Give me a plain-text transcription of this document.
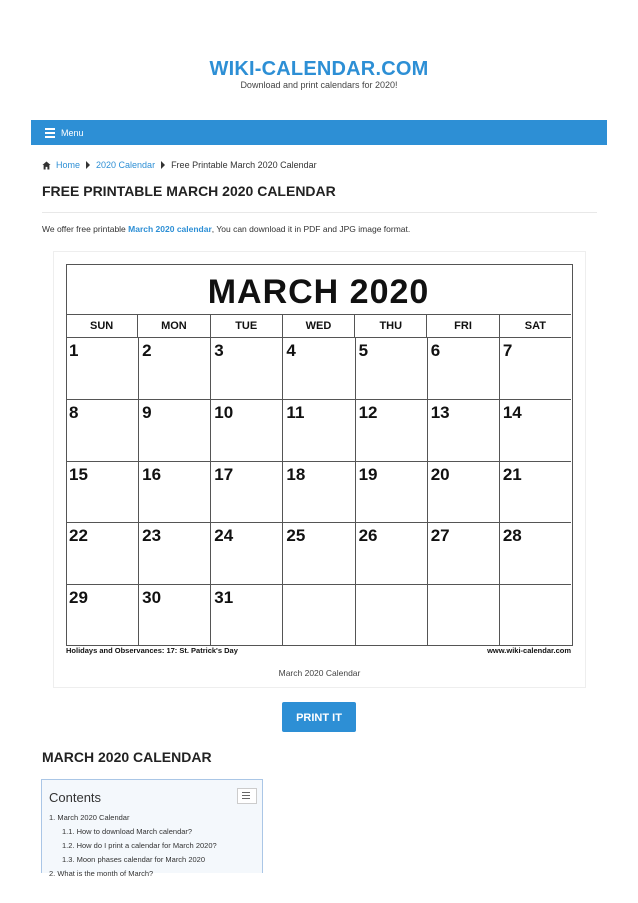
WIKI-CALENDAR.COM
Download and print calendars for 2020!
Menu
Home 2020 Calendar Free Printable March 2020 Calendar
FREE PRINTABLE MARCH 2020 CALENDAR

We offer free printable March 2020 calendar, You can download it in PDF and JPG image format.

MARCH 2020
SUN	MON	TUE	WED	THU	FRI	SAT
1	2	3	4	5	6	7
8	9	10	11	12	13	14
15	16	17	18	19	20	21
22	23	24	25	26	27	28
29	30	31
Holidays and Observances: 17: St. Patrick's Day	www.wiki-calendar.com
March 2020 Calendar
PRINT IT
MARCH 2020 CALENDAR
Contents
1. March 2020 Calendar
1.1. How to download March calendar?
1.2. How do I print a calendar for March 2020?
1.3. Moon phases calendar for March 2020
2. What is the month of March?
